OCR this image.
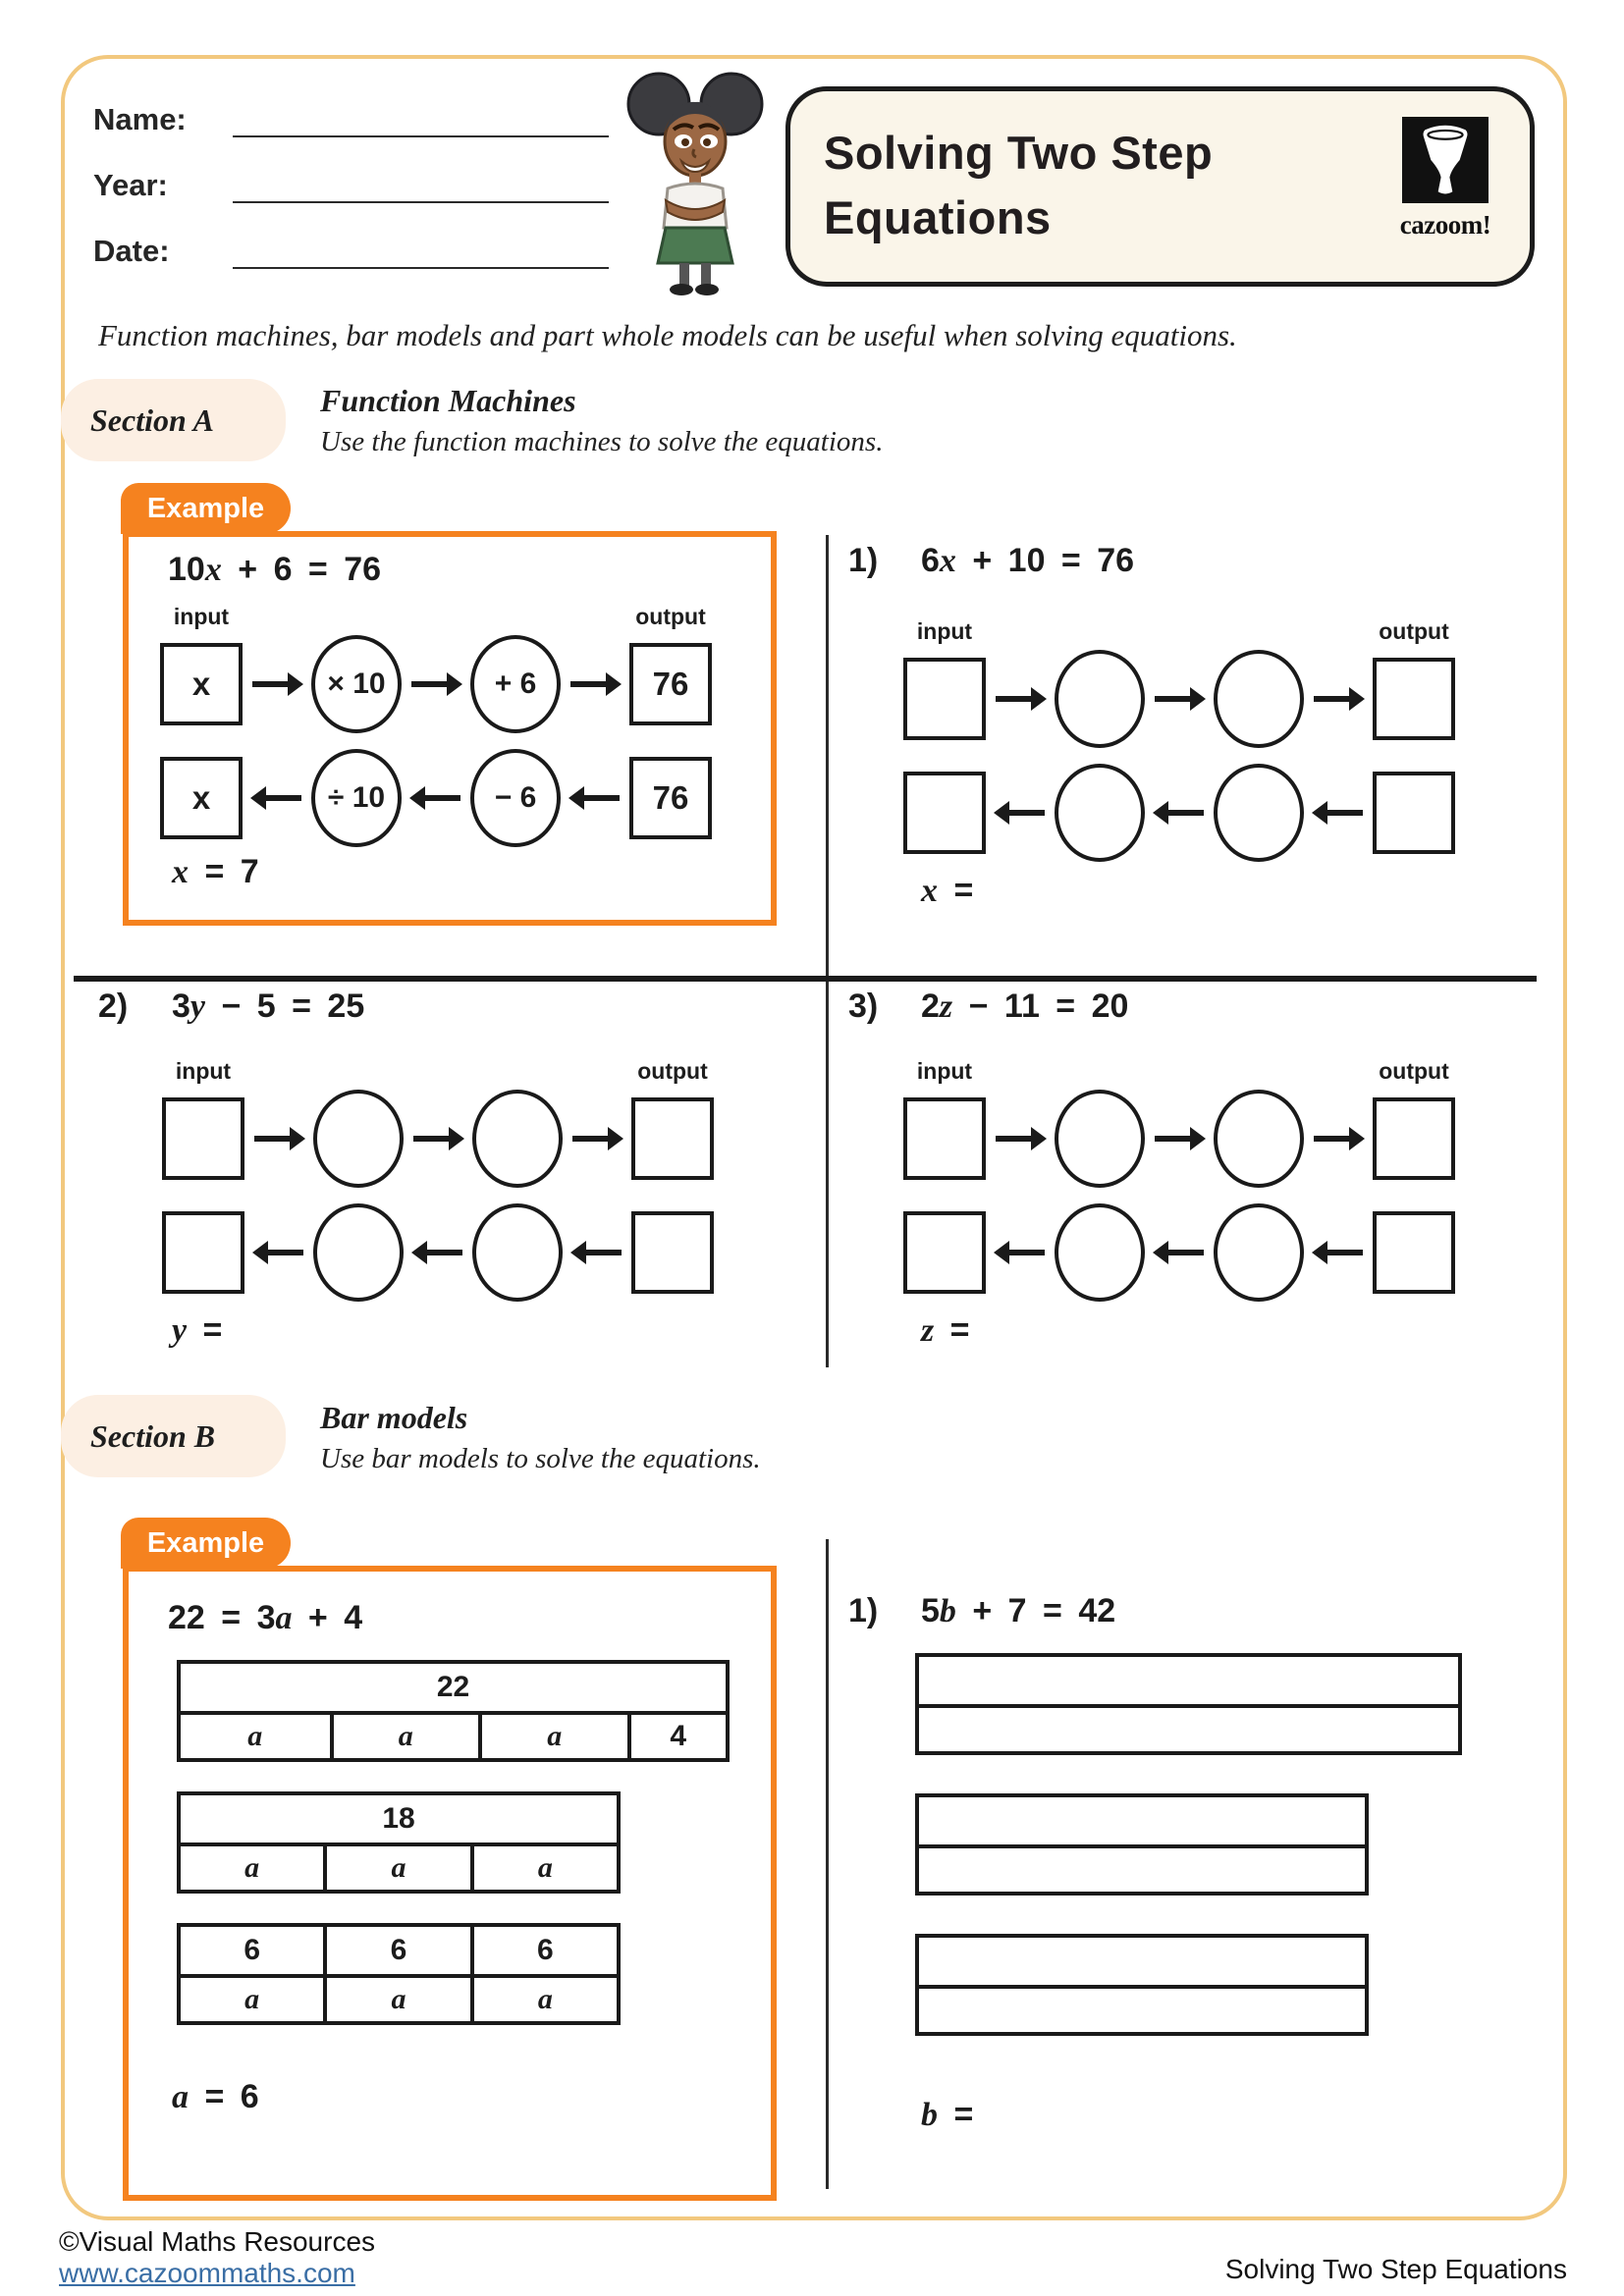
Name:
Year:
Date:
Solving Two Step
Equations	cazoom!
Function machines, bar models and part whole models can be useful when solving equations.
Section A
Function Machines
Use the function machines to solve the equations.
Example
10x + 6 = 76
input	output
x	× 10	+ 6	76
x	÷ 10	− 6	76
x = 7
1) 6x + 10 = 76
input	output
x =
2) 3y − 5 = 25
input	output
y =
3) 2z − 11 = 20
input	output
z =
Section B
Bar models
Use bar models to solve the equations.
Example
22 = 3a + 4
22
a	a	a	4
18
a	a	a
6	6	6
a	a	a
a = 6
1) 5b + 7 = 42
b =
©Visual Maths Resources
www.cazoommaths.com	Solving Two Step Equations
